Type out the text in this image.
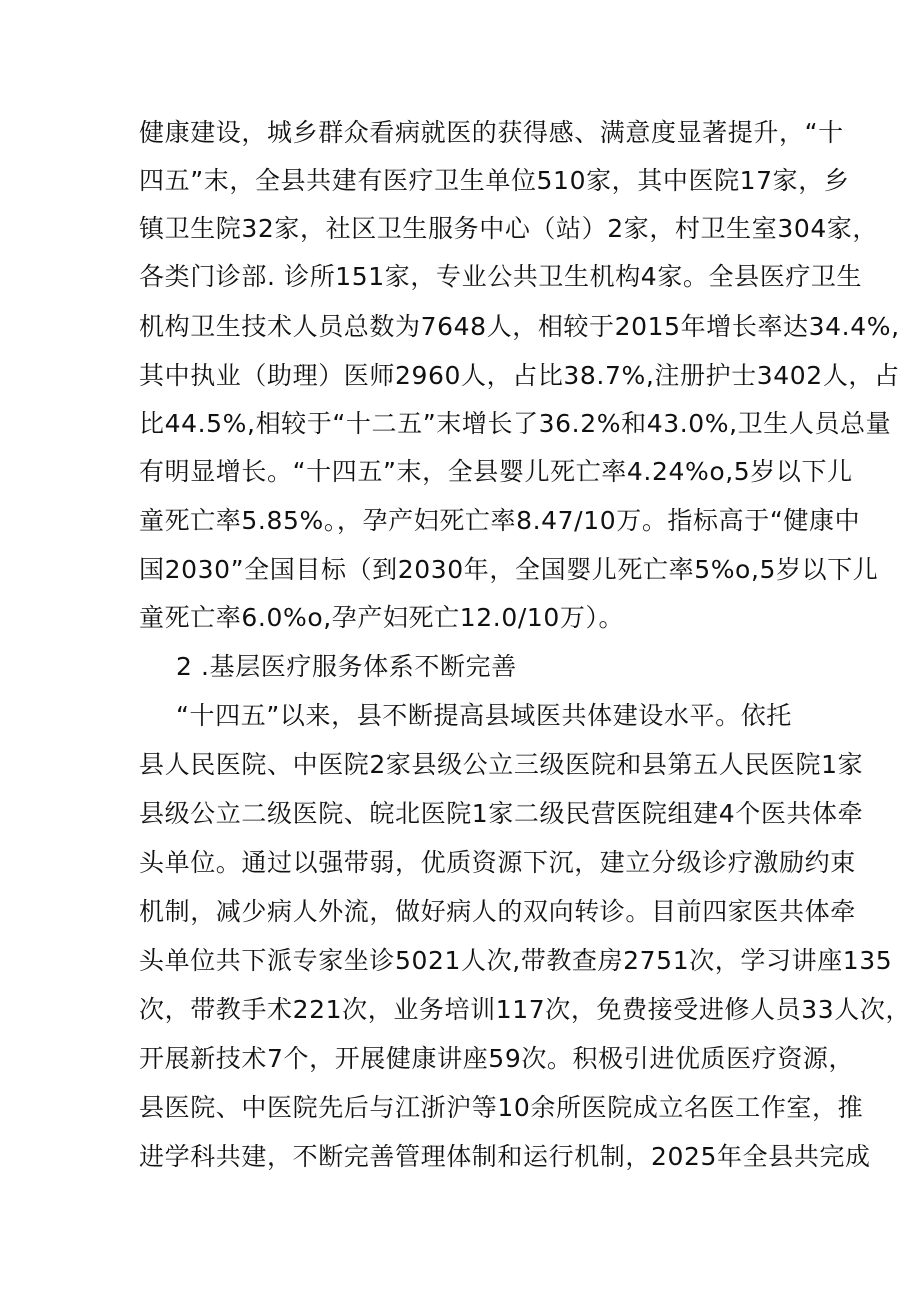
健康建设，城乡群众看病就医的获得感、满意度显著提升，“十
四五”末，全县共建有医疗卫生单位510家，其中医院17家，乡
镇卫生院32家，社区卫生服务中心（站）2家，村卫生室304家，
各类门诊部. 诊所151家，专业公共卫生机构4家。全县医疗卫生
机构卫生技术人员总数为7648人，相较于2015年增长率达34.4%,
其中执业（助理）医师2960人，占比38.7%,注册护士3402人，占
比44.5%,相较于“十二五”末增长了36.2%和43.0%,卫生人员总量
有明显增长。“十四五”末，全县婴儿死亡率4.24%o,5岁以下儿
童死亡率5.85%。，孕产妇死亡率8.47/10万。指标高于“健康中
国2030”全国目标（到2030年，全国婴儿死亡率5%o,5岁以下儿
童死亡率6.0%o,孕产妇死亡12.0/10万）。
2 .基层医疗服务体系不断完善
“十四五”以来，县不断提高县域医共体建设水平。依托
县人民医院、中医院2家县级公立三级医院和县第五人民医院1家
县级公立二级医院、皖北医院1家二级民营医院组建4个医共体牵
头单位。通过以强带弱，优质资源下沉，建立分级诊疗激励约束
机制，减少病人外流，做好病人的双向转诊。目前四家医共体牵
头单位共下派专家坐诊5021人次,带教查房2751次，学习讲座135
次，带教手术221次，业务培训117次，免费接受进修人员33人次，
开展新技术7个，开展健康讲座59次。积极引进优质医疗资源，
县医院、中医院先后与江浙沪等10余所医院成立名医工作室，推
进学科共建，不断完善管理体制和运行机制，2025年全县共完成
